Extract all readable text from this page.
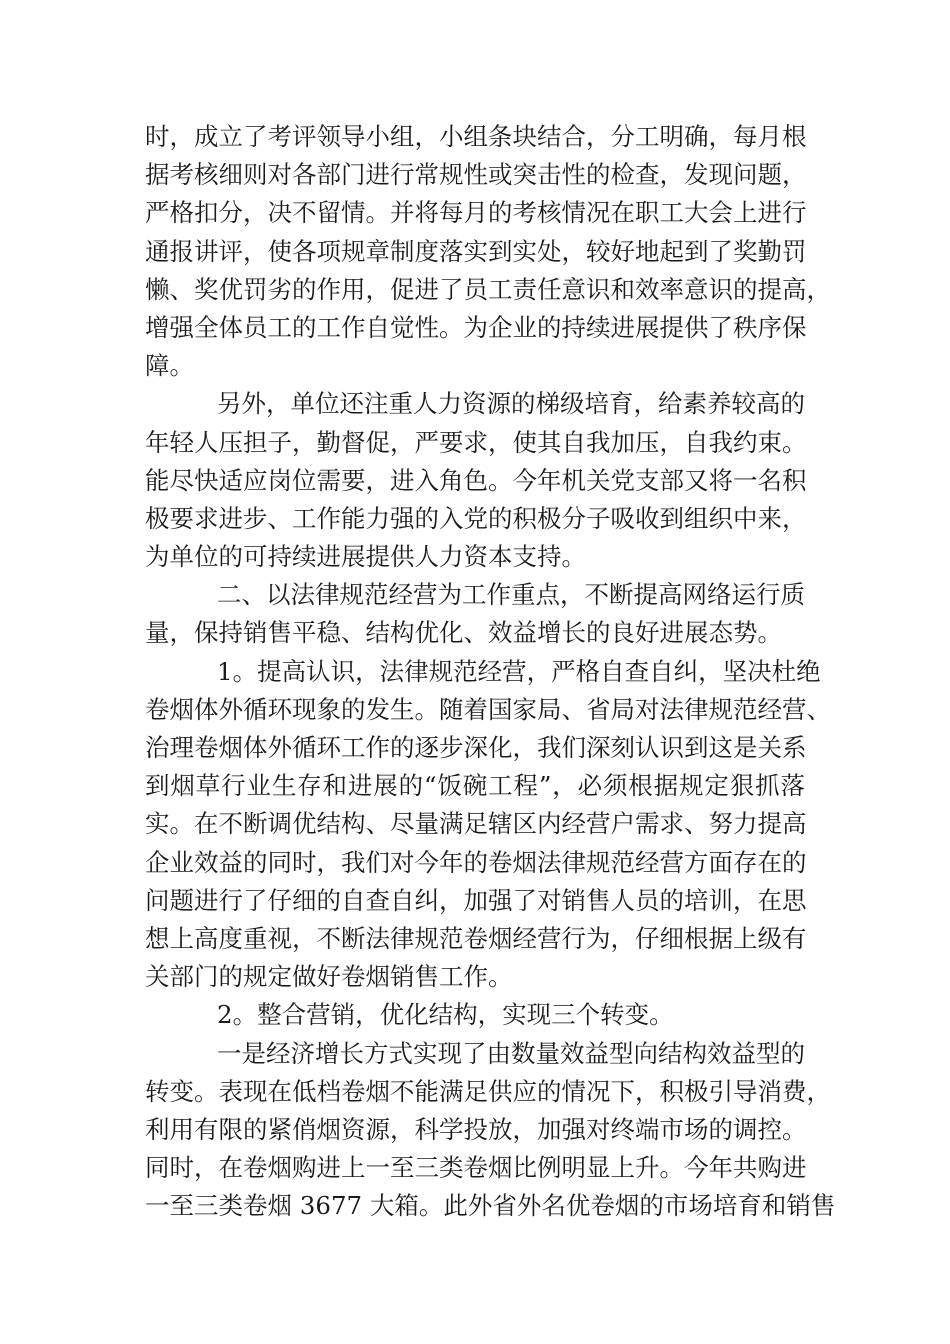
时，成立了考评领导小组，小组条块结合，分工明确，每月根
据考核细则对各部门进行常规性或突击性的检查，发现问题，
严格扣分，决不留情。并将每月的考核情况在职工大会上进行
通报讲评，使各项规章制度落实到实处，较好地起到了奖勤罚
懒、奖优罚劣的作用，促进了员工责任意识和效率意识的提高，
增强全体员工的工作自觉性。为企业的持续进展提供了秩序保
障。
另外，单位还注重人力资源的梯级培育，给素养较高的
年轻人压担子，勤督促，严要求，使其自我加压，自我约束。
能尽快适应岗位需要，进入角色。今年机关党支部又将一名积
极要求进步、工作能力强的入党的积极分子吸收到组织中来，
为单位的可持续进展提供人力资本支持。
二、以法律规范经营为工作重点，不断提高网络运行质
量，保持销售平稳、结构优化、效益增长的良好进展态势。
1。提高认识，法律规范经营，严格自查自纠，坚决杜绝
卷烟体外循环现象的发生。随着国家局、省局对法律规范经营、
治理卷烟体外循环工作的逐步深化，我们深刻认识到这是关系
到烟草行业生存和进展的“饭碗工程”，必须根据规定狠抓落
实。在不断调优结构、尽量满足辖区内经营户需求、努力提高
企业效益的同时，我们对今年的卷烟法律规范经营方面存在的
问题进行了仔细的自查自纠，加强了对销售人员的培训，在思
想上高度重视，不断法律规范卷烟经营行为，仔细根据上级有
关部门的规定做好卷烟销售工作。
2。整合营销，优化结构，实现三个转变。
一是经济增长方式实现了由数量效益型向结构效益型的
转变。表现在低档卷烟不能满足供应的情况下，积极引导消费，
利用有限的紧俏烟资源，科学投放，加强对终端市场的调控。
同时，在卷烟购进上一至三类卷烟比例明显上升。今年共购进
一至三类卷烟 3677 大箱。此外省外名优卷烟的市场培育和销售
